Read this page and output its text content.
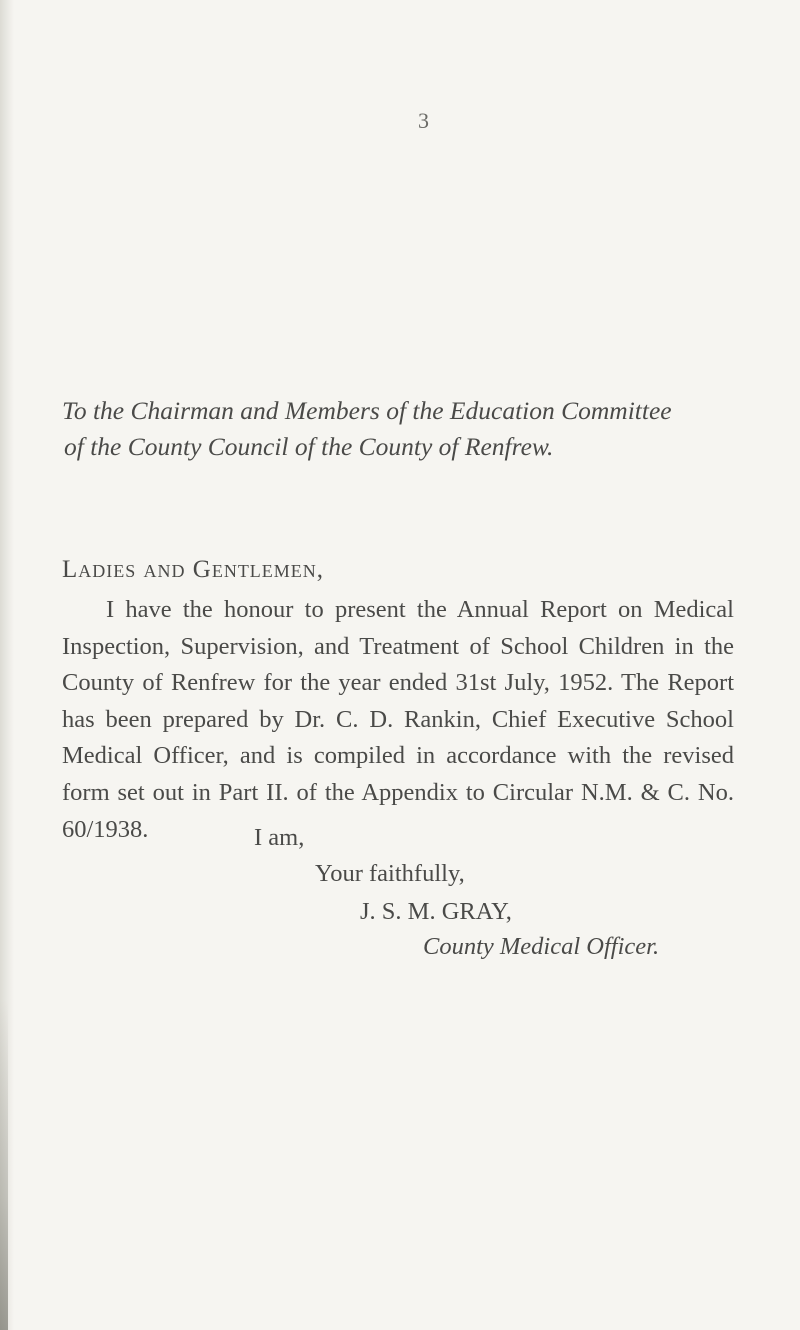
3

To the Chairman and Members of the Education Committee
of the County Council of the County of Renfrew.

Ladies and Gentlemen,

I have the honour to present the Annual Report on Medical Inspection, Supervision, and Treatment of School Children in the County of Renfrew for the year ended 31st July, 1952. The Report has been prepared by Dr. C. D. Rankin, Chief Executive School Medical Officer, and is compiled in accordance with the revised form set out in Part II. of the Appendix to Circular N.M. & C. No. 60/1938.	I am,

Your faithfully,

J. S. M. GRAY,

County Medical Officer.
